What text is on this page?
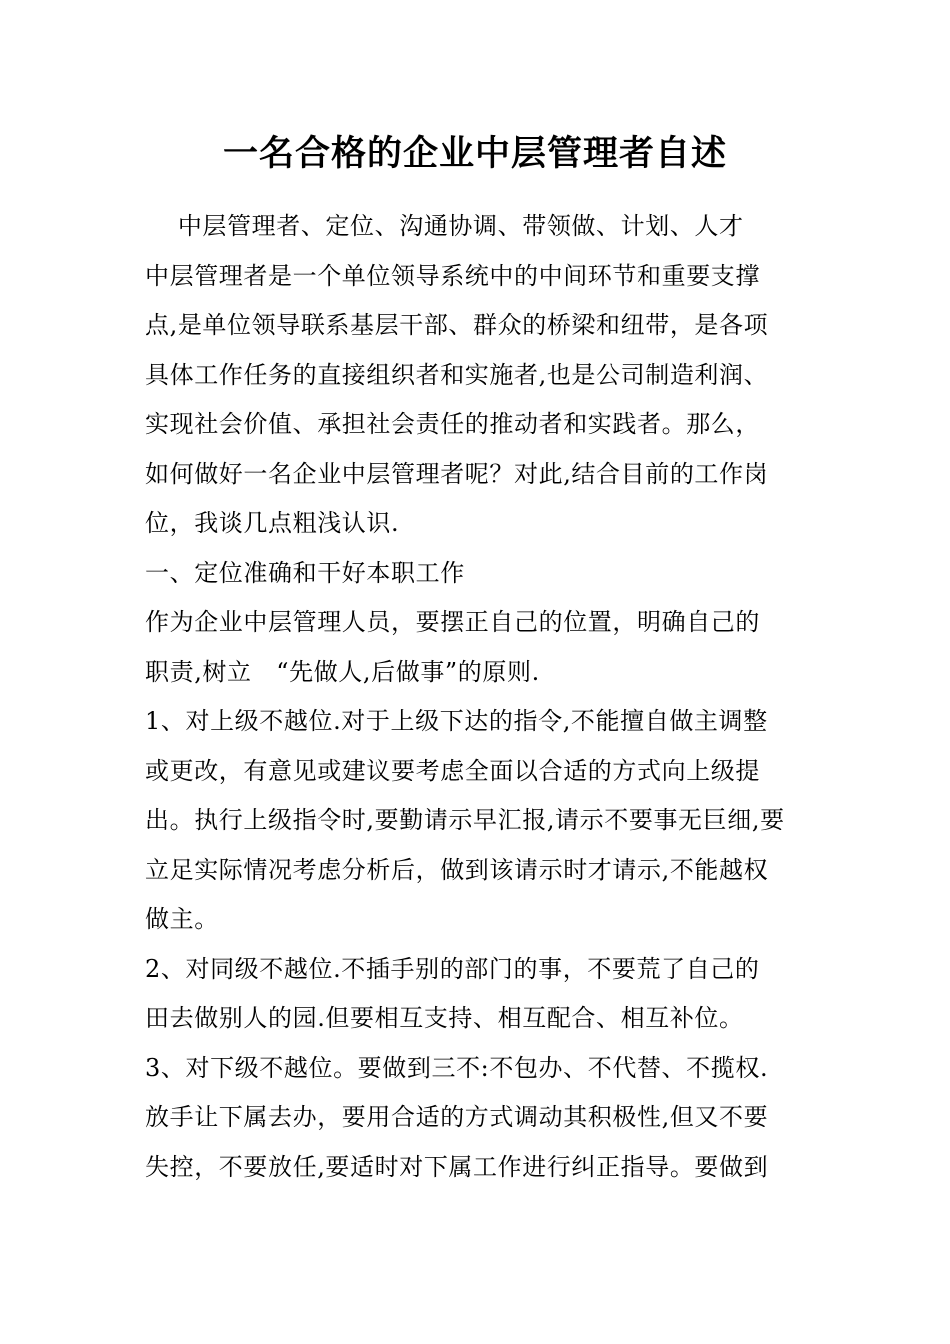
一名合格的企业中层管理者自述
　 中层管理者、定位、沟通协调、带领做、计划、人才
中层管理者是一个单位领导系统中的中间环节和重要支撑
点,是单位领导联系基层干部、群众的桥梁和纽带，是各项
具体工作任务的直接组织者和实施者,也是公司制造利润、
实现社会价值、承担社会责任的推动者和实践者。那么，
如何做好一名企业中层管理者呢？对此,结合目前的工作岗
位，我谈几点粗浅认识.
一、定位准确和干好本职工作
作为企业中层管理人员，要摆正自己的位置，明确自己的
职责,树立　“先做人,后做事”的原则.
1、对上级不越位.对于上级下达的指令,不能擅自做主调整
或更改，有意见或建议要考虑全面以合适的方式向上级提
出。执行上级指令时,要勤请示早汇报,请示不要事无巨细,要
立足实际情况考虑分析后，做到该请示时才请示,不能越权
做主。
2、对同级不越位.不插手别的部门的事，不要荒了自己的
田去做别人的园.但要相互支持、相互配合、相互补位。
3、对下级不越位。要做到三不:不包办、不代替、不揽权.
放手让下属去办，要用合适的方式调动其积极性,但又不要
失控，不要放任,要适时对下属工作进行纠正指导。要做到
